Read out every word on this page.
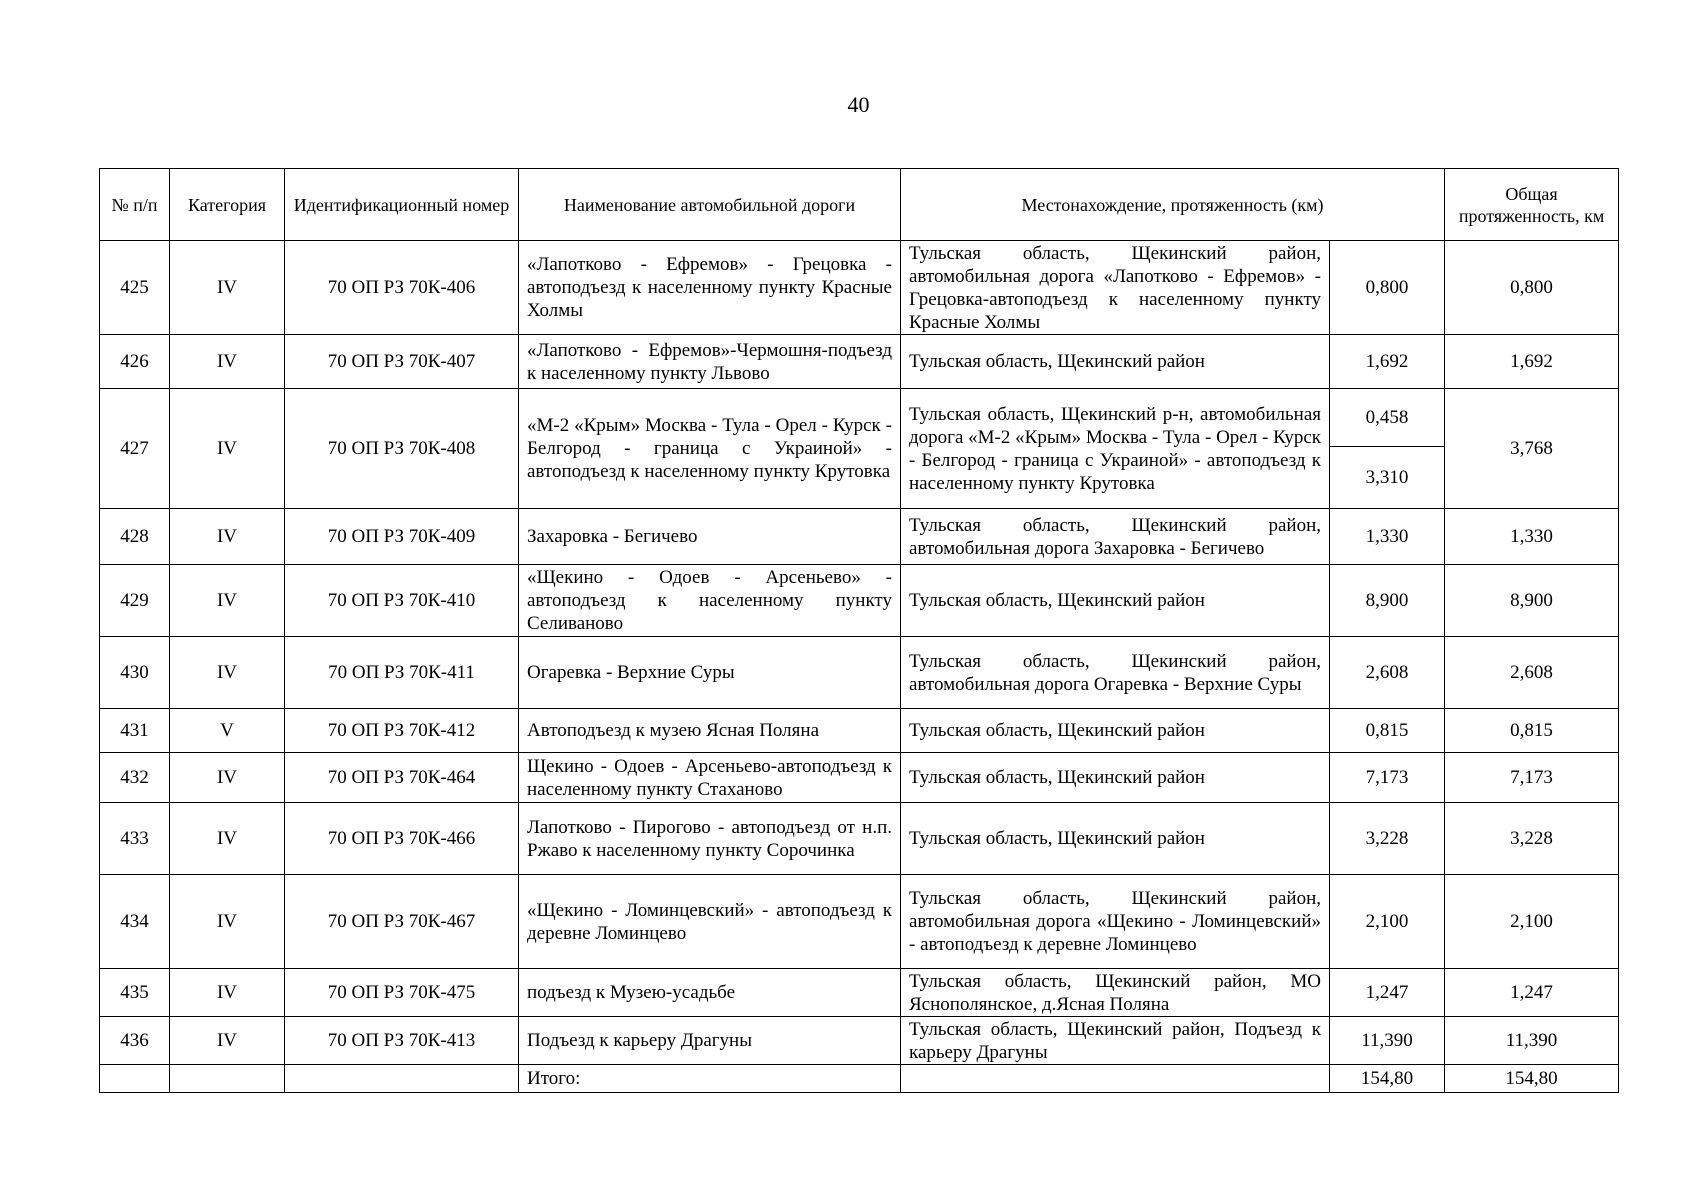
40
№ п/п	Категория	Идентификационный номер	Наименование автомобильной дороги	Местонахождение, протяженность (км)		Общая протяженность, км
425	IV	70 ОП РЗ 70К-406	«Лапотково - Ефремов» - Грецовка - автоподъезд к населенному пункту Красные Холмы	Тульская область, Щекинский район, автомобильная дорога «Лапотково - Ефремов» - Грецовка-автоподъезд к населенному пункту Красные Холмы	0,800	0,800
426	IV	70 ОП РЗ 70К-407	«Лапотково - Ефремов»-Чермошня-подъезд к населенному пункту Львово	Тульская область, Щекинский район	1,692	1,692
427	IV	70 ОП РЗ 70К-408	«М-2 «Крым» Москва - Тула - Орел - Курск - Белгород - граница с Украиной» - автоподъезд к населенному пункту Крутовка	Тульская область, Щекинский р-н, автомобильная дорога «М-2 «Крым» Москва - Тула - Орел - Курск - Белгород - граница с Украиной» - автоподъезд к населенному пункту Крутовка	0,458	3,768
					3,310	
428	IV	70 ОП РЗ 70К-409	Захаровка - Бегичево	Тульская область, Щекинский район, автомобильная дорога Захаровка - Бегичево	1,330	1,330
429	IV	70 ОП РЗ 70К-410	«Щекино - Одоев - Арсеньево» - автоподъезд к населенному пункту Селиваново	Тульская область, Щекинский район	8,900	8,900
430	IV	70 ОП РЗ 70К-411	Огаревка - Верхние Суры	Тульская область, Щекинский район, автомобильная дорога Огаревка - Верхние Суры	2,608	2,608
431	V	70 ОП РЗ 70К-412	Автоподъезд к музею Ясная Поляна	Тульская область, Щекинский район	0,815	0,815
432	IV	70 ОП РЗ 70К-464	Щекино - Одоев - Арсеньево-автоподъезд к населенному пункту Стаханово	Тульская область, Щекинский район	7,173	7,173
433	IV	70 ОП РЗ 70К-466	Лапотково - Пирогово - автоподъезд от н.п. Ржаво к населенному пункту Сорочинка	Тульская область, Щекинский район	3,228	3,228
434	IV	70 ОП РЗ 70К-467	«Щекино - Ломинцевский» - автоподъезд к деревне Ломинцево	Тульская область, Щекинский район, автомобильная дорога «Щекино - Ломинцевский» - автоподъезд к деревне Ломинцево	2,100	2,100
435	IV	70 ОП РЗ 70К-475	подъезд к Музею-усадьбе	Тульская область, Щекинский район, МО Яснополянское, д.Ясная Поляна	1,247	1,247
436	IV	70 ОП РЗ 70К-413	Подъезд к карьеру Драгуны	Тульская область, Щекинский район, Подъезд к карьеру Драгуны	11,390	11,390
			Итого:		154,80	154,80
